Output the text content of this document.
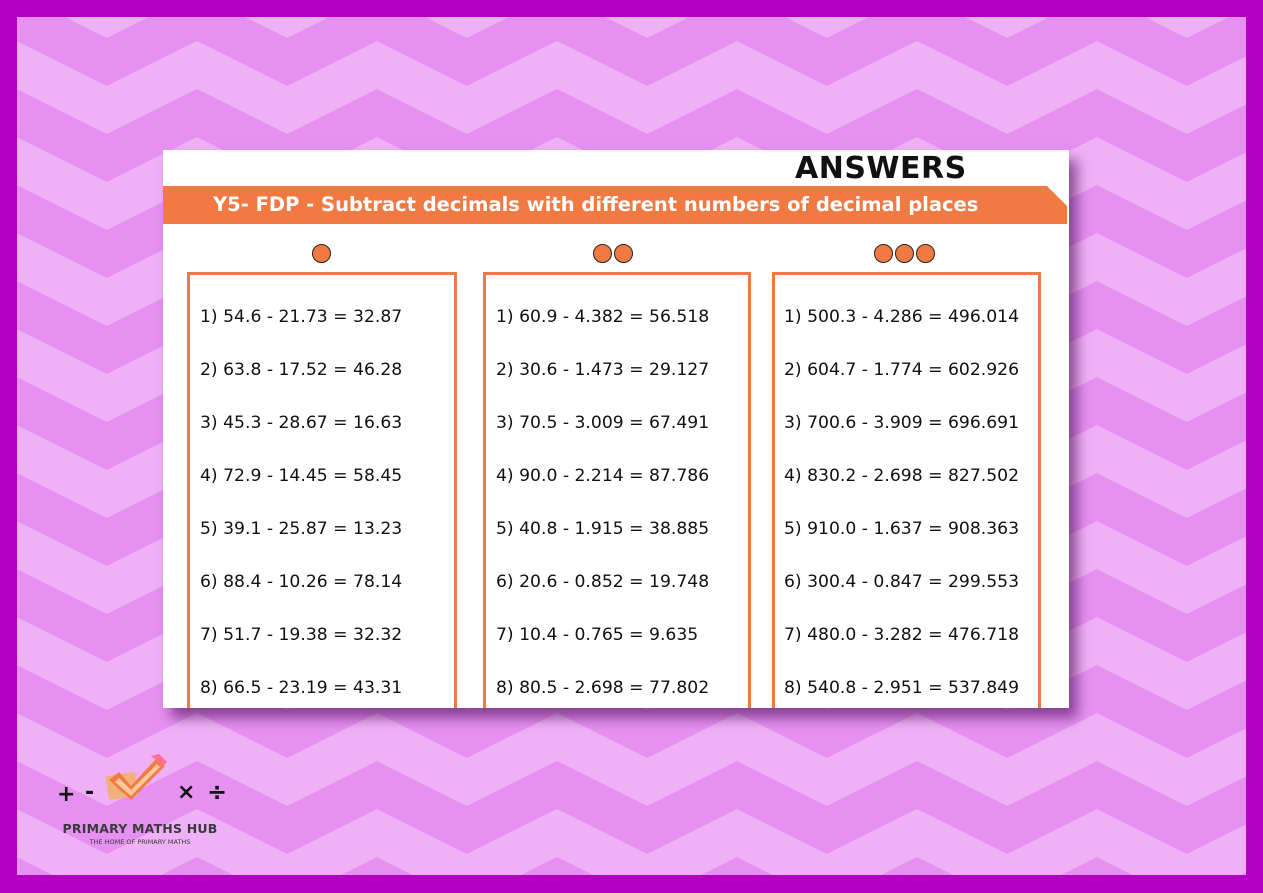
ANSWERS
Y5- FDP - Subtract decimals with different numbers of decimal places
1) 54.6 - 21.73 = 32.87
2) 63.8 - 17.52 = 46.28
3) 45.3 - 28.67 = 16.63
4) 72.9 - 14.45 = 58.45
5) 39.1 - 25.87 = 13.23
6) 88.4 - 10.26 = 78.14
7) 51.7 - 19.38 = 32.32
8) 66.5 - 23.19 = 43.31
1) 60.9 - 4.382 = 56.518
2) 30.6 - 1.473 = 29.127
3) 70.5 - 3.009 = 67.491
4) 90.0 - 2.214 = 87.786
5) 40.8 - 1.915 = 38.885
6) 20.6 - 0.852 = 19.748
7) 10.4 - 0.765 = 9.635
8) 80.5 - 2.698 = 77.802
1) 500.3 - 4.286 = 496.014
2) 604.7 - 1.774 = 602.926
3) 700.6 - 3.909 = 696.691
4) 830.2 - 2.698 = 827.502
5) 910.0 - 1.637 = 908.363
6) 300.4 - 0.847 = 299.553
7) 480.0 - 3.282 = 476.718
8) 540.8 - 2.951 = 537.849
+ -	× ÷
PRIMARY MATHS HUB
THE HOME OF PRIMARY MATHS
